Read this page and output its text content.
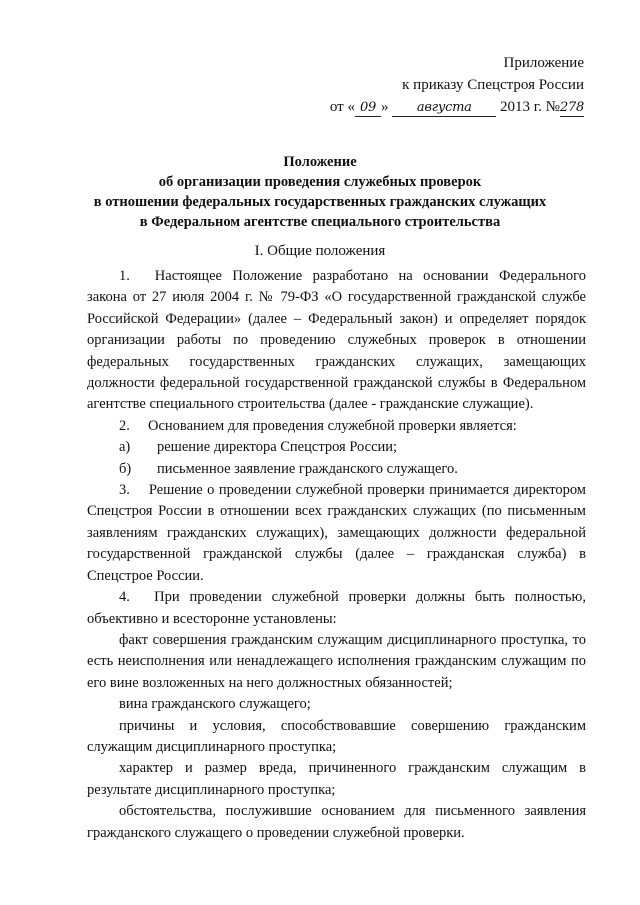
Приложение
к приказу Спецстроя России
от « 09 » августа 2013 г. №278
Положение
об организации проведения служебных проверок
в отношении федеральных государственных гражданских служащих
в Федеральном агентстве специального строительства
I. Общие положения

1.  Настоящее Положение разработано на основании Федерального закона от 27 июля 2004 г. № 79-ФЗ «О государственной гражданской службе Российской Федерации» (далее – Федеральный закон) и определяет порядок организации работы по проведению служебных проверок в отношении федеральных государственных гражданских служащих, замещающих должности федеральной государственной гражданской службы в Федеральном агентстве специального строительства (далее - гражданские служащие).

2.  Основанием для проведения служебной проверки является:

а)	решение директора Спецстроя России;
б)	письменное заявление гражданского служащего.

3.  Решение о проведении служебной проверки принимается директором Спецстроя России в отношении всех гражданских служащих (по письменным заявлениям гражданских служащих), замещающих должности федеральной государственной гражданской службы (далее – гражданская служба) в Спецстрое России.

4.  При проведении служебной проверки должны быть полностью, объективно и всесторонне установлены:

факт совершения гражданским служащим дисциплинарного проступка, то есть неисполнения или ненадлежащего исполнения гражданским служащим по его вине возложенных на него должностных обязанностей;

вина гражданского служащего;

причины и условия, способствовавшие совершению гражданским служащим дисциплинарного проступка;

характер и размер вреда, причиненного гражданским служащим в результате дисциплинарного проступка;

обстоятельства, послужившие основанием для письменного заявления гражданского служащего о проведении служебной проверки.
